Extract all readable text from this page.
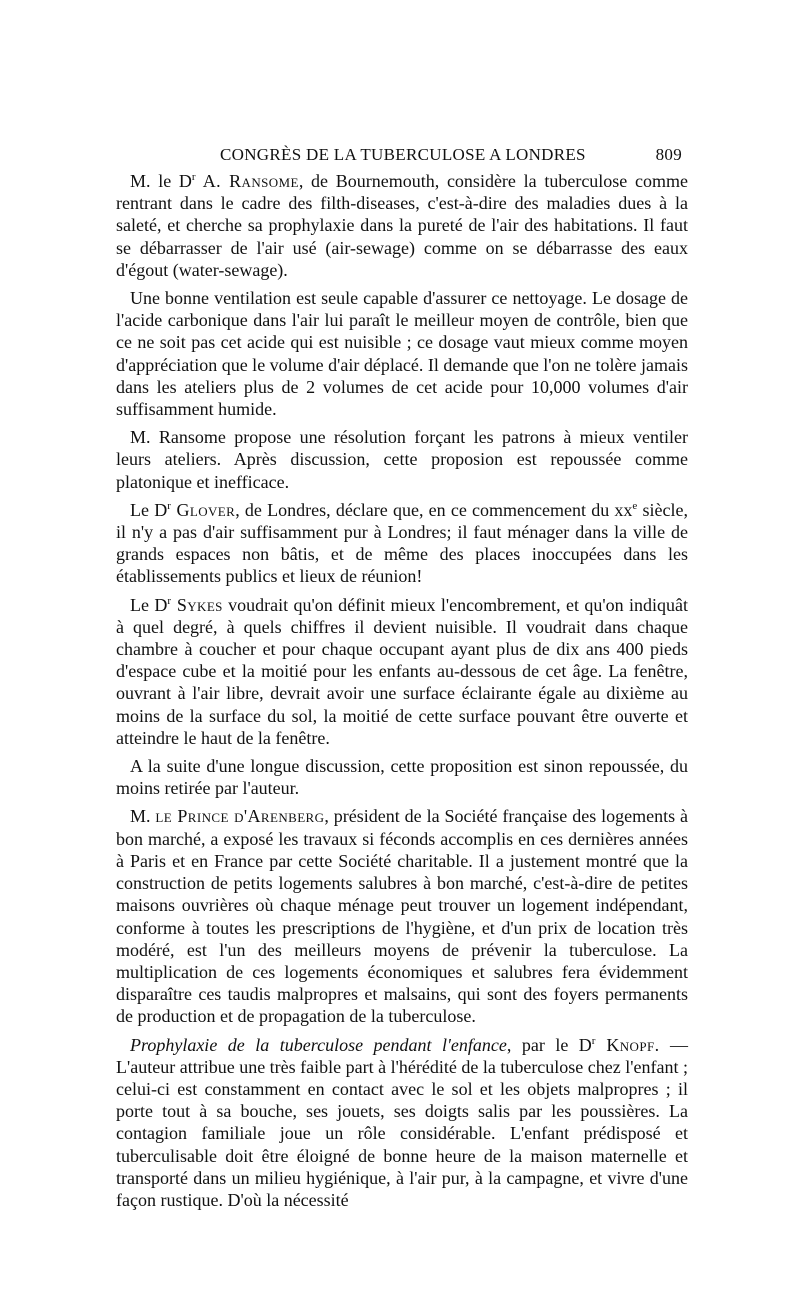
CONGRÈS DE LA TUBERCULOSE A LONDRES	809

M. le $D^r$ A. Ransome, de Bournemouth, considère la tuberculose comme rentrant dans le cadre des filth-diseases, c'est-à-dire des maladies dues à la saleté, et cherche sa prophylaxie dans la pureté de l'air des habitations. Il faut se débarrasser de l'air usé (air-sewage) comme on se débarrasse des eaux d'égout (water-sewage).

Une bonne ventilation est seule capable d'assurer ce nettoyage. Le dosage de l'acide carbonique dans l'air lui paraît le meilleur moyen de contrôle, bien que ce ne soit pas cet acide qui est nuisible ; ce dosage vaut mieux comme moyen d'appréciation que le volume d'air déplacé. Il demande que l'on ne tolère jamais dans les ateliers plus de 2 volumes de cet acide pour 10,000 volumes d'air suffisamment humide.

M. Ransome propose une résolution forçant les patrons à mieux ventiler leurs ateliers. Après discussion, cette proposion est repoussée comme platonique et inefficace.

Le $D^r$ Glover, de Londres, déclare que, en ce commencement du $xx^e$ siècle, il n'y a pas d'air suffisamment pur à Londres; il faut ménager dans la ville de grands espaces non bâtis, et de même des places inoccupées dans les établissements publics et lieux de réunion!

Le $D^r$ Sykes voudrait qu'on définit mieux l'encombrement, et qu'on indiquât à quel degré, à quels chiffres il devient nuisible. Il voudrait dans chaque chambre à coucher et pour chaque occupant ayant plus de dix ans 400 pieds d'espace cube et la moitié pour les enfants au-dessous de cet âge. La fenêtre, ouvrant à l'air libre, devrait avoir une surface éclairante égale au dixième au moins de la surface du sol, la moitié de cette surface pouvant être ouverte et atteindre le haut de la fenêtre.

A la suite d'une longue discussion, cette proposition est sinon repoussée, du moins retirée par l'auteur.

M. le Prince d'Arenberg, président de la Société française des logements à bon marché, a exposé les travaux si féconds accomplis en ces dernières années à Paris et en France par cette Société charitable. Il a justement montré que la construction de petits logements salubres à bon marché, c'est-à-dire de petites maisons ouvrières où chaque ménage peut trouver un logement indépendant, conforme à toutes les prescriptions de l'hygiène, et d'un prix de location très modéré, est l'un des meilleurs moyens de prévenir la tuberculose. La multiplication de ces logements économiques et salubres fera évidemment disparaître ces taudis malpropres et malsains, qui sont des foyers permanents de production et de propagation de la tuberculose.

Prophylaxie de la tuberculose pendant l'enfance, par le $D^r$ Knopf. — L'auteur attribue une très faible part à l'hérédité de la tuberculose chez l'enfant ; celui-ci est constamment en contact avec le sol et les objets malpropres ; il porte tout à sa bouche, ses jouets, ses doigts salis par les poussières. La contagion familiale joue un rôle considérable. L'enfant prédisposé et tuberculisable doit être éloigné de bonne heure de la maison maternelle et transporté dans un milieu hygiénique, à l'air pur, à la campagne, et vivre d'une façon rustique. D'où la nécessité
